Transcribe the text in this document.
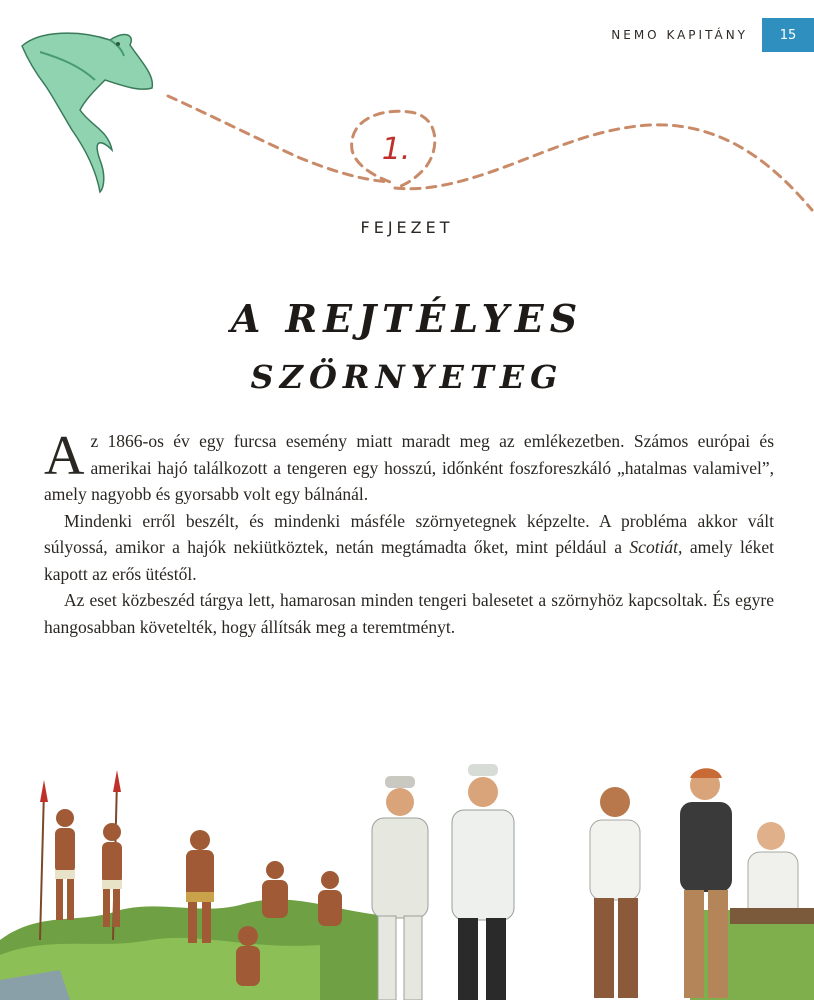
NEMO KAPITÁNY	15
1.
FEJEZET
A REJTÉLYES
SZÖRNYETEG

Az 1866-os év egy furcsa esemény miatt maradt meg az emlékezetben. Számos európai és amerikai hajó találkozott a tengeren egy hosszú, időnként foszforeszkáló „hatalmas valamivel”, amely nagyobb és gyorsabb volt egy bálnánál.

Mindenki erről beszélt, és mindenki másféle szörnyetegnek képzelte. A probléma akkor vált súlyossá, amikor a hajók nekiütköztek, netán megtámadta őket, mint például a Scotiát, amely léket kapott az erős ütéstől.

Az eset közbeszéd tárgya lett, hamarosan minden tengeri balesetet a szörnyhöz kapcsoltak. És egyre hangosabban követelték, hogy állítsák meg a teremtményt.
